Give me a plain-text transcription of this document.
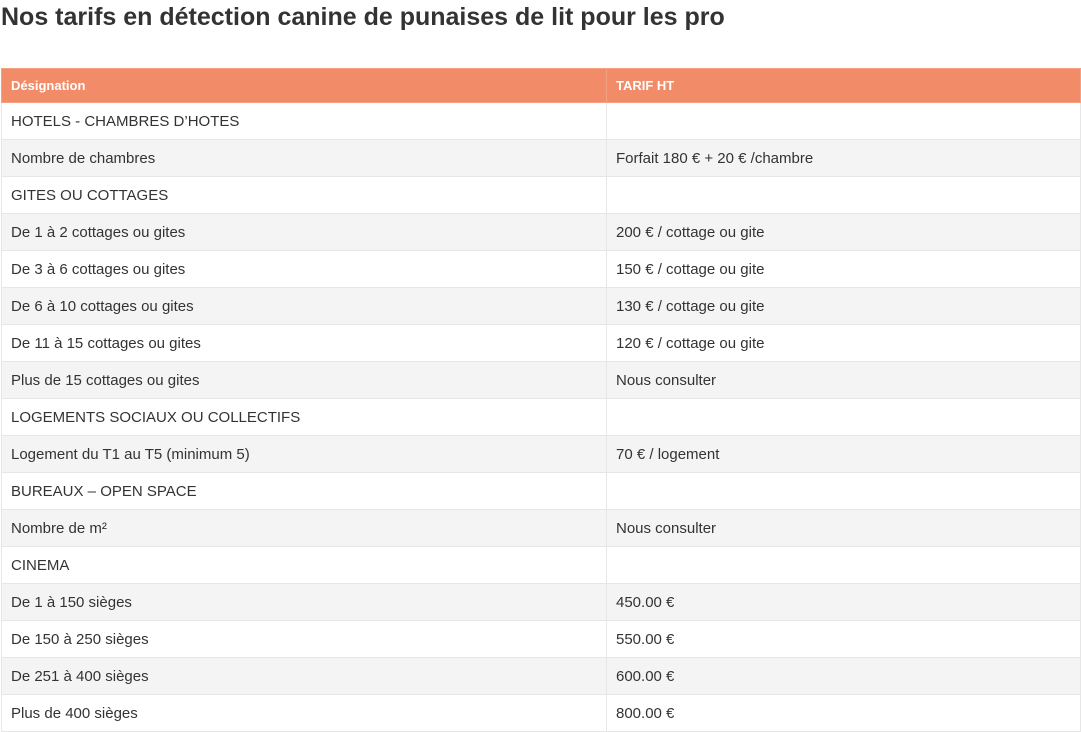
Nos tarifs en détection canine de punaises de lit pour les pro
Désignation	TARIF HT
HOTELS - CHAMBRES D’HOTES	
Nombre de chambres	Forfait 180 € + 20 € /chambre
GITES OU COTTAGES	
De 1 à 2 cottages ou gites	200 € / cottage ou gite
De 3 à 6 cottages ou gites	150 € / cottage ou gite
De 6 à 10 cottages ou gites	130 € / cottage ou gite
De 11 à 15 cottages ou gites	120 € / cottage ou gite
Plus de 15 cottages ou gites	Nous consulter
LOGEMENTS SOCIAUX OU COLLECTIFS	
Logement du T1 au T5 (minimum 5)	70 € / logement
BUREAUX – OPEN SPACE	
Nombre de m²	Nous consulter
CINEMA	
De 1 à 150 sièges	450.00 €
De 150 à 250 sièges	550.00 €
De 251 à 400 sièges	600.00 €
Plus de 400 sièges	800.00 €
